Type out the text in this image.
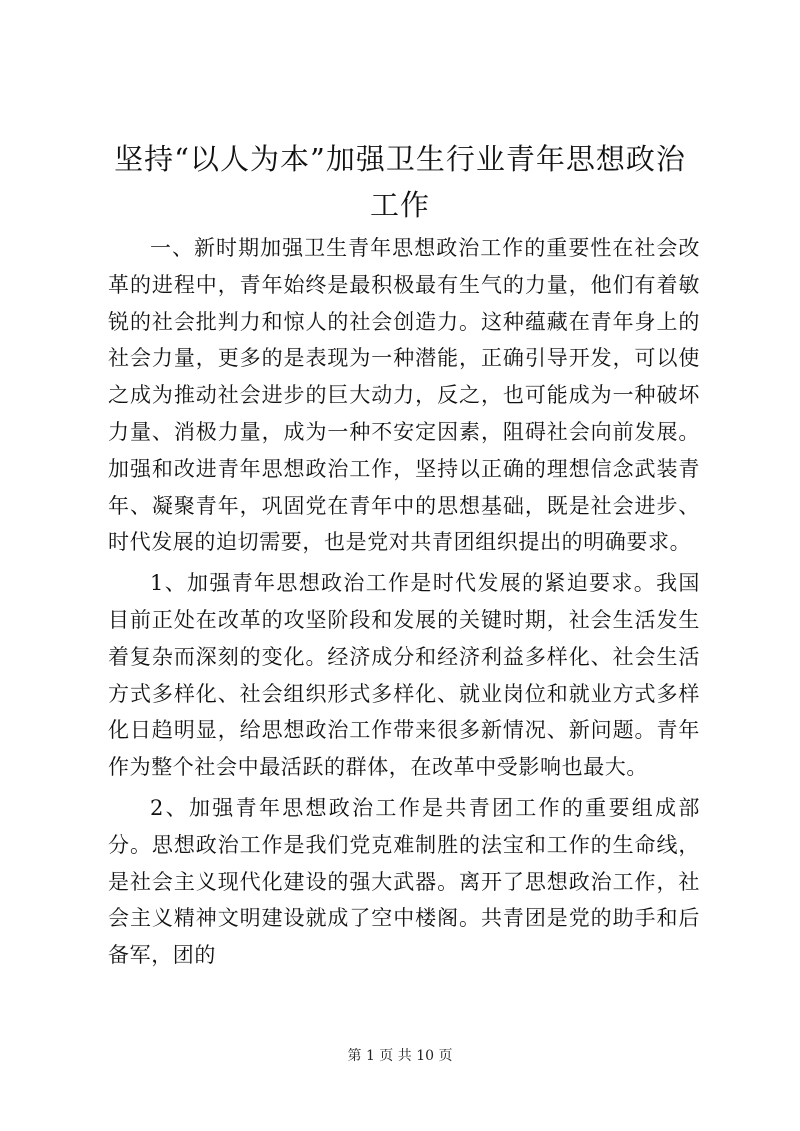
坚持“以人为本”加强卫生行业青年思想政治工作

一、新时期加强卫生青年思想政治工作的重要性在社会改革的进程中，青年始终是最积极最有生气的力量，他们有着敏锐的社会批判力和惊人的社会创造力。这种蕴藏在青年身上的社会力量，更多的是表现为一种潜能，正确引导开发，可以使之成为推动社会进步的巨大动力，反之，也可能成为一种破坏力量、消极力量，成为一种不安定因素，阻碍社会向前发展。加强和改进青年思想政治工作，坚持以正确的理想信念武装青年、凝聚青年，巩固党在青年中的思想基础，既是社会进步、时代发展的迫切需要，也是党对共青团组织提出的明确要求。

1、加强青年思想政治工作是时代发展的紧迫要求。我国目前正处在改革的攻坚阶段和发展的关键时期，社会生活发生着复杂而深刻的变化。经济成分和经济利益多样化、社会生活方式多样化、社会组织形式多样化、就业岗位和就业方式多样化日趋明显，给思想政治工作带来很多新情况、新问题。青年作为整个社会中最活跃的群体，在改革中受影响也最大。

2、加强青年思想政治工作是共青团工作的重要组成部分。思想政治工作是我们党克难制胜的法宝和工作的生命线，是社会主义现代化建设的强大武器。离开了思想政治工作，社会主义精神文明建设就成了空中楼阁。共青团是党的助手和后备军，团的

第 1 页 共 10 页
